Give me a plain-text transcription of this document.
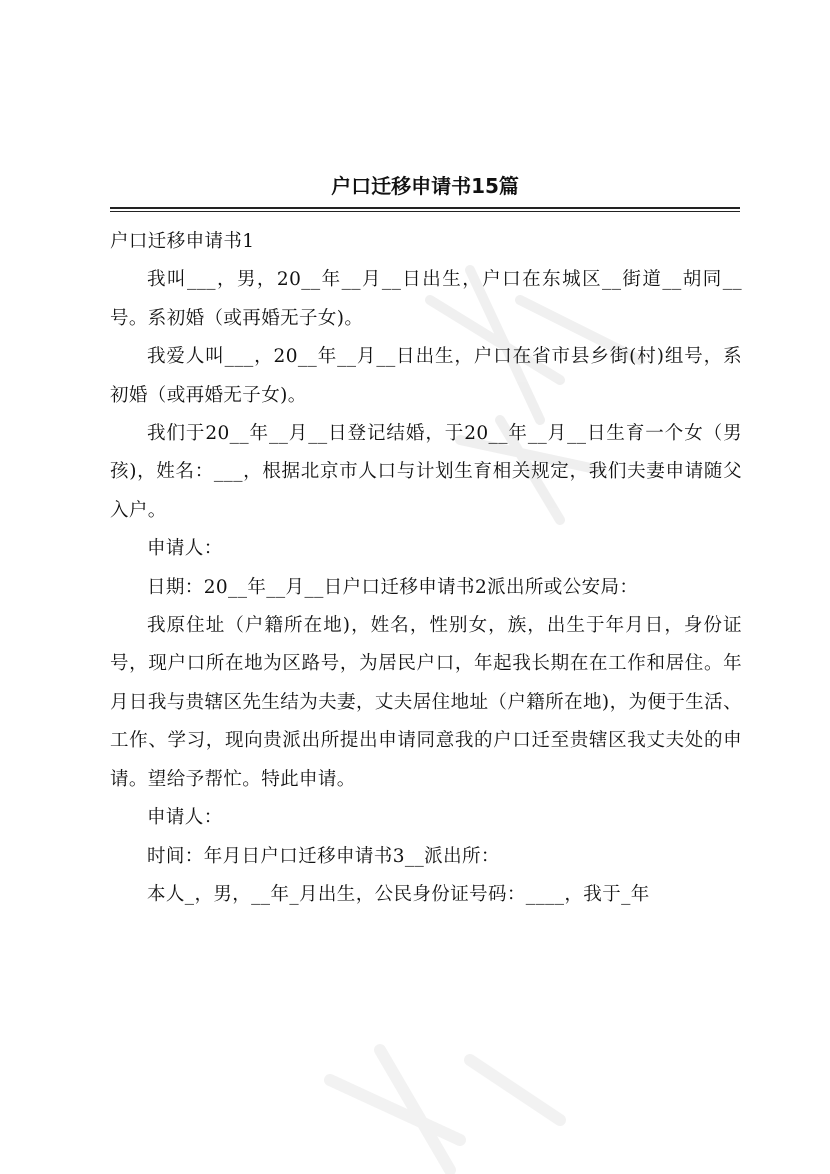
户口迁移申请书15篇

户口迁移申请书1

我叫___，男，20__年__月__日出生，户口在东城区__街道__胡同__号。系初婚（或再婚无子女)。

我爱人叫___，20__年__月__日出生，户口在省市县乡街(村)组号，系初婚（或再婚无子女)。

我们于20__年__月__日登记结婚，于20__年__月__日生育一个女（男孩)，姓名：___，根据北京市人口与计划生育相关规定，我们夫妻申请随父入户。

申请人：

日期：20__年__月__日户口迁移申请书2派出所或公安局：

我原住址（户籍所在地)，姓名，性别女，族，出生于年月日，身份证号，现户口所在地为区路号，为居民户口，年起我长期在在工作和居住。年月日我与贵辖区先生结为夫妻，丈夫居住地址（户籍所在地)，为便于生活、工作、学习，现向贵派出所提出申请同意我的户口迁至贵辖区我丈夫处的申请。望给予帮忙。特此申请。

申请人：

时间：年月日户口迁移申请书3__派出所：

本人_，男，__年_月出生，公民身份证号码：____，我于_年
